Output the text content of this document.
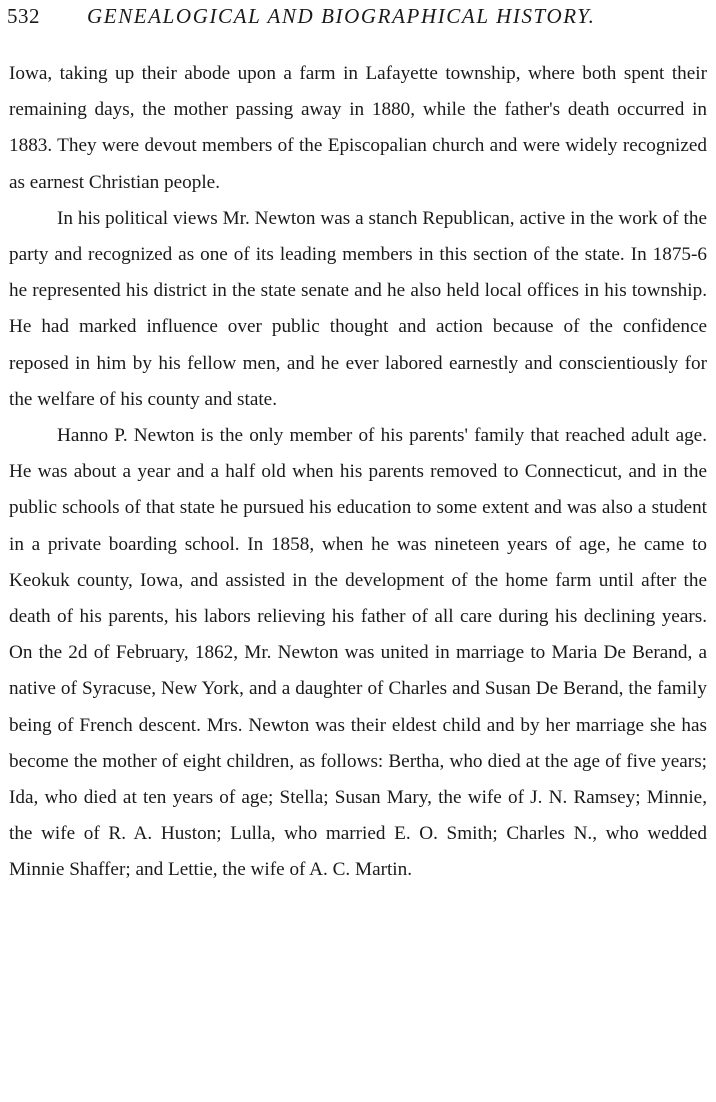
532 GENEALOGICAL AND BIOGRAPHICAL HISTORY.

Iowa, taking up their abode upon a farm in Lafayette township, where both spent their remaining days, the mother passing away in 1880, while the father's death occurred in 1883. They were devout members of the Episcopalian church and were widely recognized as earnest Christian people.

In his political views Mr. Newton was a stanch Republican, active in the work of the party and recognized as one of its leading members in this section of the state. In 1875-6 he represented his district in the state senate and he also held local offices in his township. He had marked influence over public thought and action because of the confidence reposed in him by his fellow men, and he ever labored earnestly and conscientiously for the welfare of his county and state.

Hanno P. Newton is the only member of his parents' family that reached adult age. He was about a year and a half old when his parents removed to Connecticut, and in the public schools of that state he pursued his education to some extent and was also a student in a private boarding school. In 1858, when he was nineteen years of age, he came to Keokuk county, Iowa, and assisted in the development of the home farm until after the death of his parents, his labors relieving his father of all care during his declining years. On the 2d of February, 1862, Mr. Newton was united in marriage to Maria De Berand, a native of Syracuse, New York, and a daughter of Charles and Susan De Berand, the family being of French descent. Mrs. Newton was their eldest child and by her marriage she has become the mother of eight children, as follows: Bertha, who died at the age of five years; Ida, who died at ten years of age; Stella; Susan Mary, the wife of J. N. Ramsey; Minnie, the wife of R. A. Huston; Lulla, who married E. O. Smith; Charles N., who wedded Minnie Shaffer; and Lettie, the wife of A. C. Martin.
